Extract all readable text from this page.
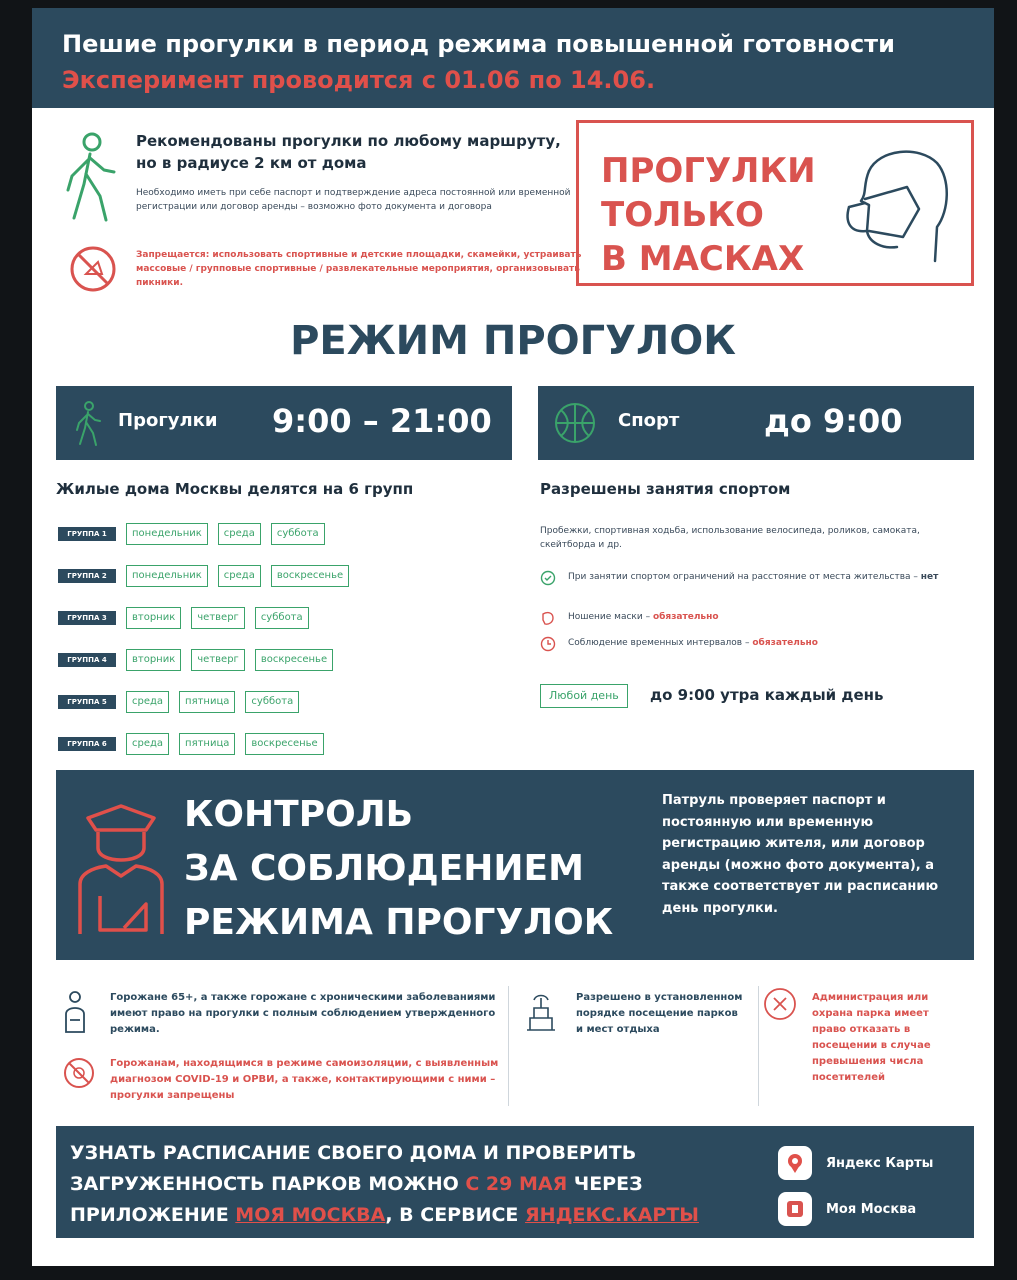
Пешие прогулки в период режима повышенной готовности
Эксперимент проводится с 01.06 по 14.06.
Рекомендованы прогулки по любому маршруту, но в радиусе 2 км от дома
Необходимо иметь при себе паспорт и подтверждение адреса постоянной или временной регистрации или договор аренды – возможно фото документа и договора
Запрещается: использовать спортивные и детские площадки, скамейки, устраивать массовые / групповые спортивные / развлекательные мероприятия, организовывать пикники.
ПРОГУЛКИ
ТОЛЬКО
В МАСКАХ
РЕЖИМ ПРОГУЛОК
Прогулки 9:00 – 21:00	Спорт	до 9:00
Жилые дома Москвы делятся на 6 групп
ГРУППА 1	понедельник	среда	суббота
ГРУППА 2	понедельник	среда	воскресенье
ГРУППА 3	вторник	четверг	суббота
ГРУППА 4	вторник	четверг	воскресенье
ГРУППА 5	среда	пятница	суббота
ГРУППА 6	среда	пятница	воскресенье
Разрешены занятия спортом
Пробежки, спортивная ходьба, использование велосипеда, роликов, самоката, скейтборда и др.
При занятии спортом ограничений на расстояние от места жительства – нет
Ношение маски – обязательно
Соблюдение временных интервалов – обязательно
Любой день	до 9:00 утра каждый день
КОНТРОЛЬ
ЗА СОБЛЮДЕНИЕМ
РЕЖИМА ПРОГУЛОК
Патруль проверяет паспорт и постоянную или временную регистрацию жителя, или договор аренды (можно фото документа), а также соответствует ли расписанию день прогулки.
Горожане 65+, а также горожане с хроническими заболеваниями имеют право на прогулки с полным соблюдением утвержденного режима.
Горожанам, находящимся в режиме самоизоляции, с выявленным диагнозом COVID-19 и ОРВИ, а также, контактирующими с ними – прогулки запрещены
Разрешено в установленном порядке посещение парков и мест отдыха
Администрация или охрана парка имеет право отказать в посещении в случае превышения числа посетителей
УЗНАТЬ РАСПИСАНИЕ СВОЕГО ДОМА И ПРОВЕРИТЬ
ЗАГРУЖЕННОСТЬ ПАРКОВ МОЖНО С 29 МАЯ ЧЕРЕЗ
ПРИЛОЖЕНИЕ МОЯ МОСКВА, В СЕРВИСЕ ЯНДЕКС.КАРТЫ
Яндекс Карты
Моя Москва
